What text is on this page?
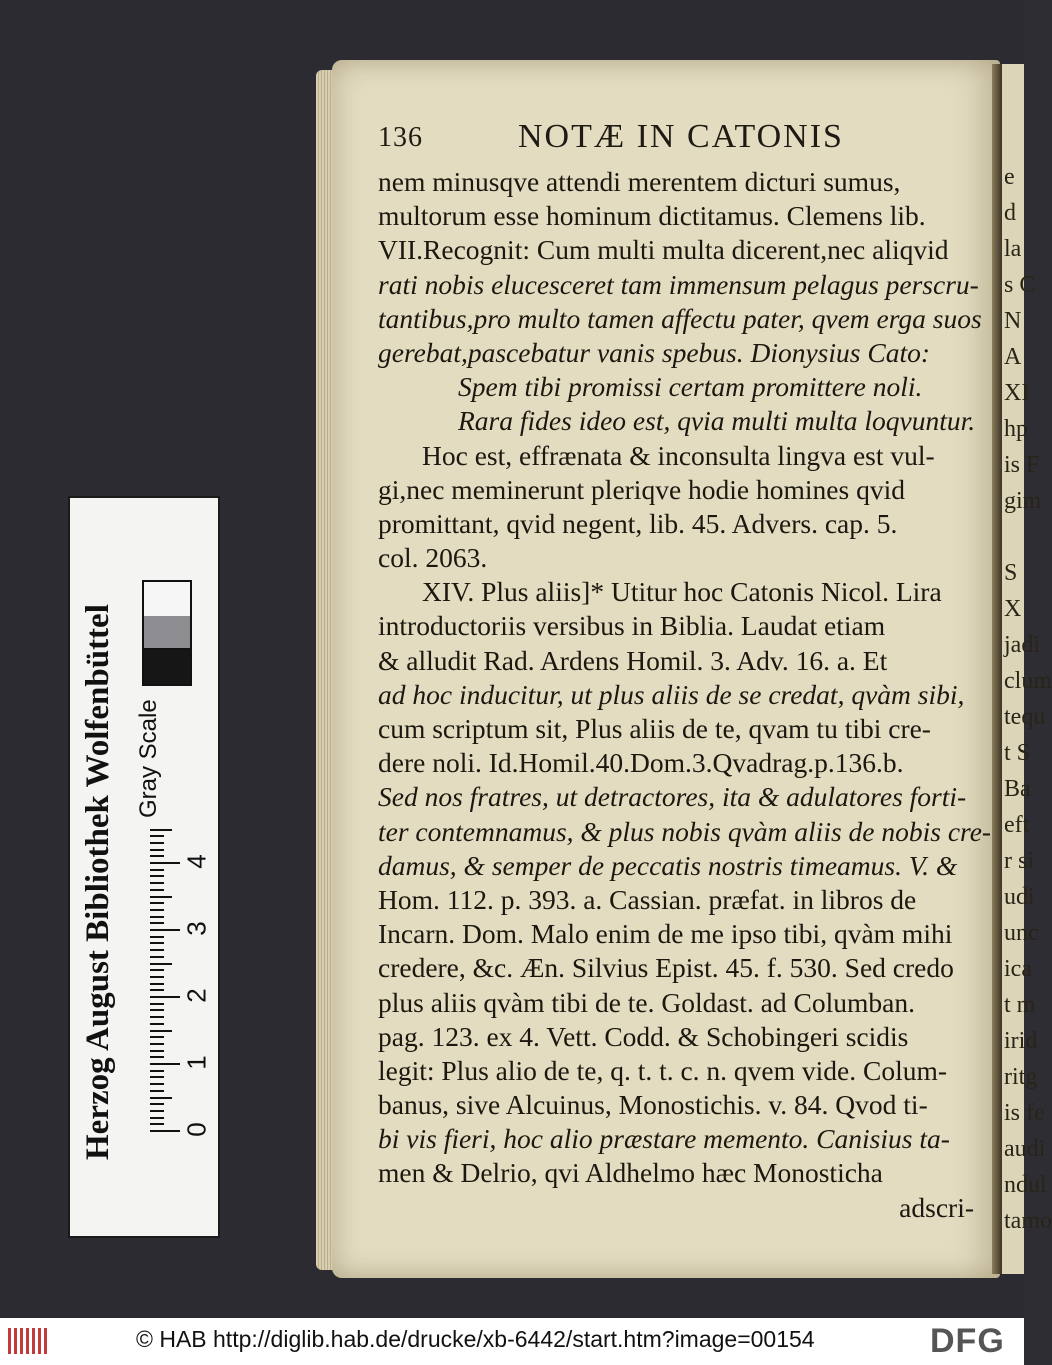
e
d
la
s C
N
A
XI
hp
is F
gim
S
X
jadi
clum
tequ
t S
Ba
eft
r si
udi
unc
ica
t m
irid
ritg
is fe
audi
ndul
tamo
136	NOTÆ IN CATONIS
nem minusqve attendi merentem dicturi sumus,
multorum esse hominum dictitamus. Clemens lib.
VII.Recognit: Cum multi multa dicerent,nec aliqvid
rati nobis elucesceret tam immensum pelagus perscru-
tantibus,pro multo tamen affectu pater, qvem erga suos
gerebat,pascebatur vanis spebus. Dionysius Cato:
Spem tibi promissi certam promittere noli.
Rara fides ideo est, qvia multi multa loqvuntur.
Hoc est, effrænata & inconsulta lingva est vul-
gi,nec meminerunt pleriqve hodie homines qvid
promittant, qvid negent, lib. 45. Advers. cap. 5.
col. 2063.
XIV. Plus aliis]* Utitur hoc Catonis Nicol. Lira
introductoriis versibus in Biblia. Laudat etiam
& alludit Rad. Ardens Homil. 3. Adv. 16. a. Et
ad hoc inducitur, ut plus aliis de se credat, qvàm sibi,
cum scriptum sit, Plus aliis de te, qvam tu tibi cre-
dere noli. Id.Homil.40.Dom.3.Qvadrag.p.136.b.
Sed nos fratres, ut detractores, ita & adulatores forti-
ter contemnamus, & plus nobis qvàm aliis de nobis cre-
damus, & semper de peccatis nostris timeamus. V. &
Hom. 112. p. 393. a. Cassian. præfat. in libros de
Incarn. Dom. Malo enim de me ipso tibi, qvàm mihi
credere, &c. Æn. Silvius Epist. 45. f. 530. Sed credo
plus aliis qvàm tibi de te. Goldast. ad Columban.
pag. 123. ex 4. Vett. Codd. & Schobingeri scidis
legit: Plus alio de te, q. t. t. c. n. qvem vide. Colum-
banus, sive Alcuinus, Monostichis. v. 84. Qvod ti-
bi vis fieri, hoc alio præstare memento. Canisius ta-
men & Delrio, qvi Aldhelmo hæc Monosticha
adscri-
Herzog August Bibliothek Wolfenbüttel Gray Scale
0
1
2
3
4
© HAB http://diglib.hab.de/drucke/xb-6442/start.htm?image=00154	DFG
